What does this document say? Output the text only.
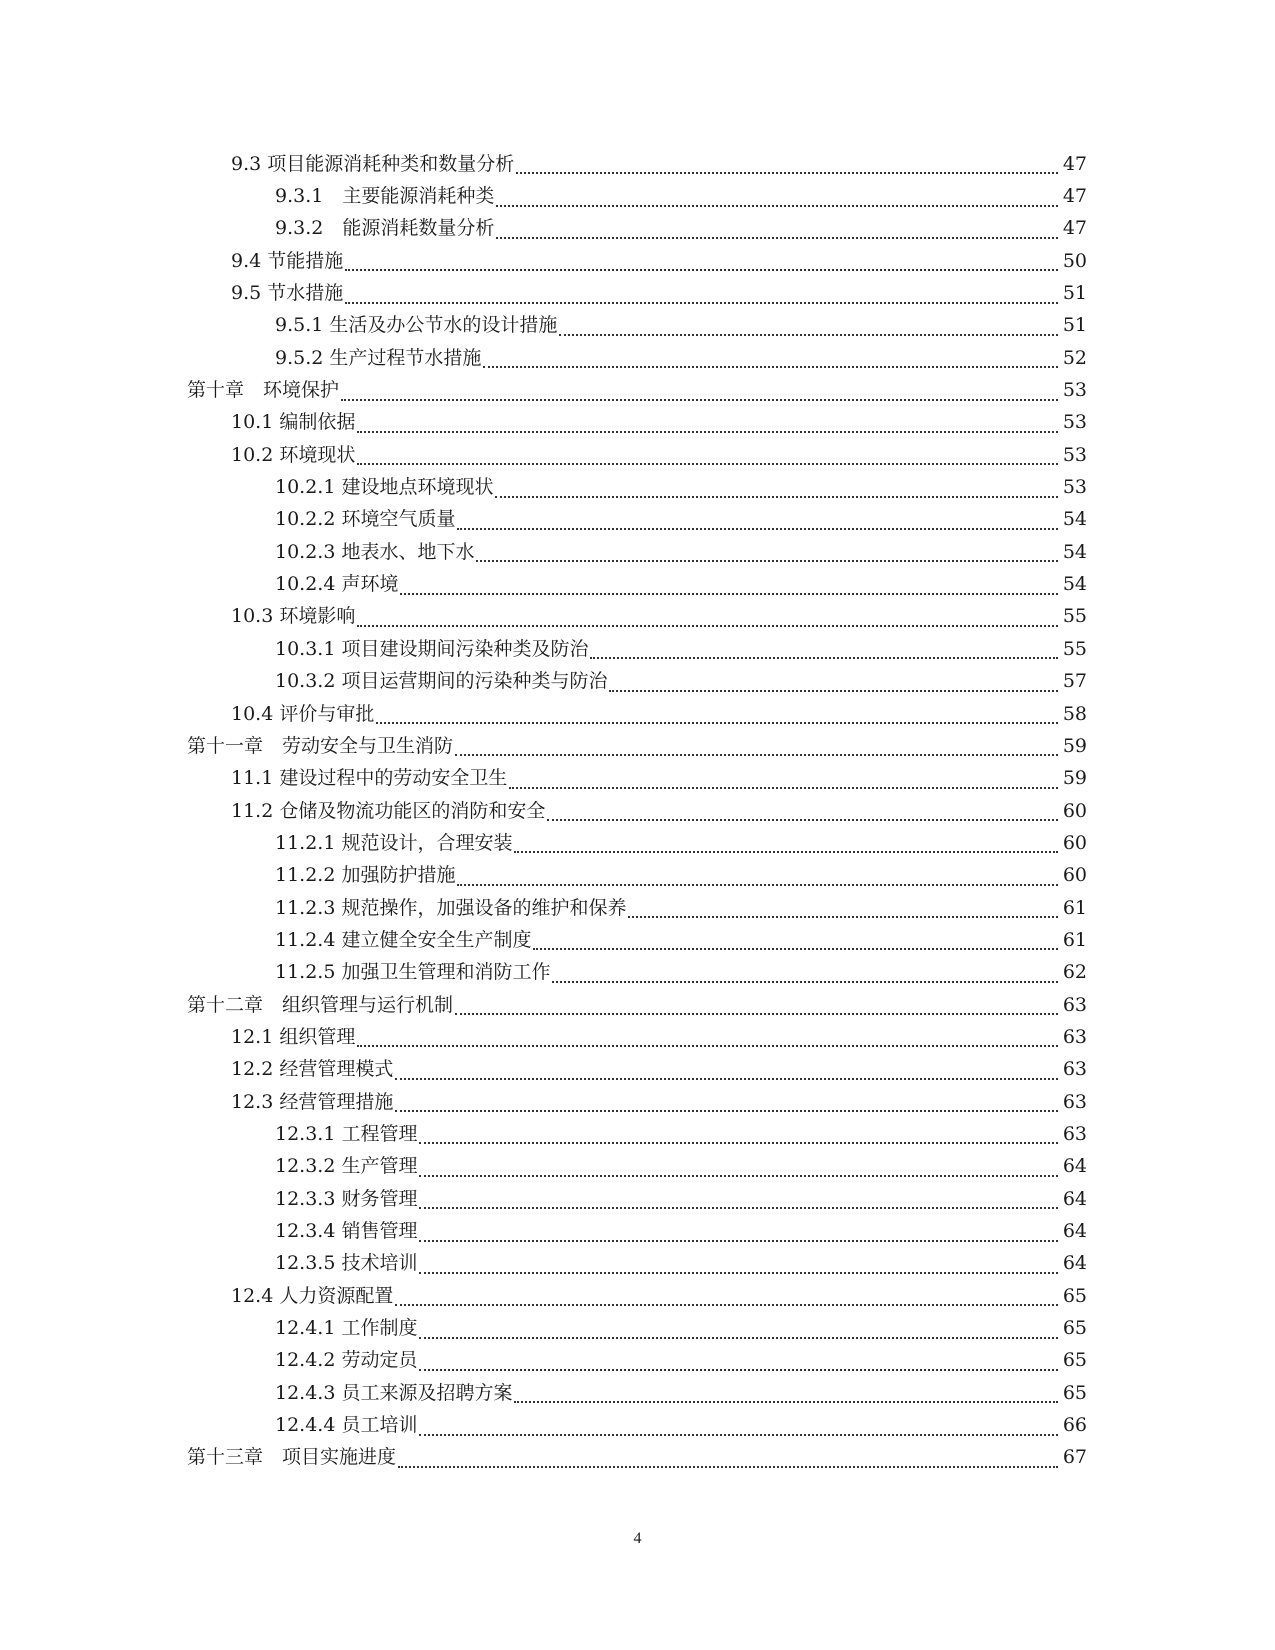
9.3 项目能源消耗种类和数量分析	47
9.3.1　主要能源消耗种类	47
9.3.2　能源消耗数量分析	47
9.4 节能措施	50
9.5 节水措施	51
9.5.1 生活及办公节水的设计措施	51
9.5.2 生产过程节水措施	52
第十章　环境保护	53
10.1 编制依据	53
10.2 环境现状	53
10.2.1 建设地点环境现状	53
10.2.2 环境空气质量	54
10.2.3 地表水、地下水	54
10.2.4 声环境	54
10.3 环境影响	55
10.3.1 项目建设期间污染种类及防治	55
10.3.2 项目运营期间的污染种类与防治	57
10.4 评价与审批	58
第十一章　劳动安全与卫生消防	59
11.1 建设过程中的劳动安全卫生	59
11.2 仓储及物流功能区的消防和安全	60
11.2.1 规范设计，合理安装	60
11.2.2 加强防护措施	60
11.2.3 规范操作，加强设备的维护和保养	61
11.2.4 建立健全安全生产制度	61
11.2.5 加强卫生管理和消防工作	62
第十二章　组织管理与运行机制	63
12.1 组织管理	63
12.2 经营管理模式	63
12.3 经营管理措施	63
12.3.1 工程管理	63
12.3.2 生产管理	64
12.3.3 财务管理	64
12.3.4 销售管理	64
12.3.5 技术培训	64
12.4 人力资源配置	65
12.4.1 工作制度	65
12.4.2 劳动定员	65
12.4.3 员工来源及招聘方案	65
12.4.4 员工培训	66
第十三章　项目实施进度	67
4
